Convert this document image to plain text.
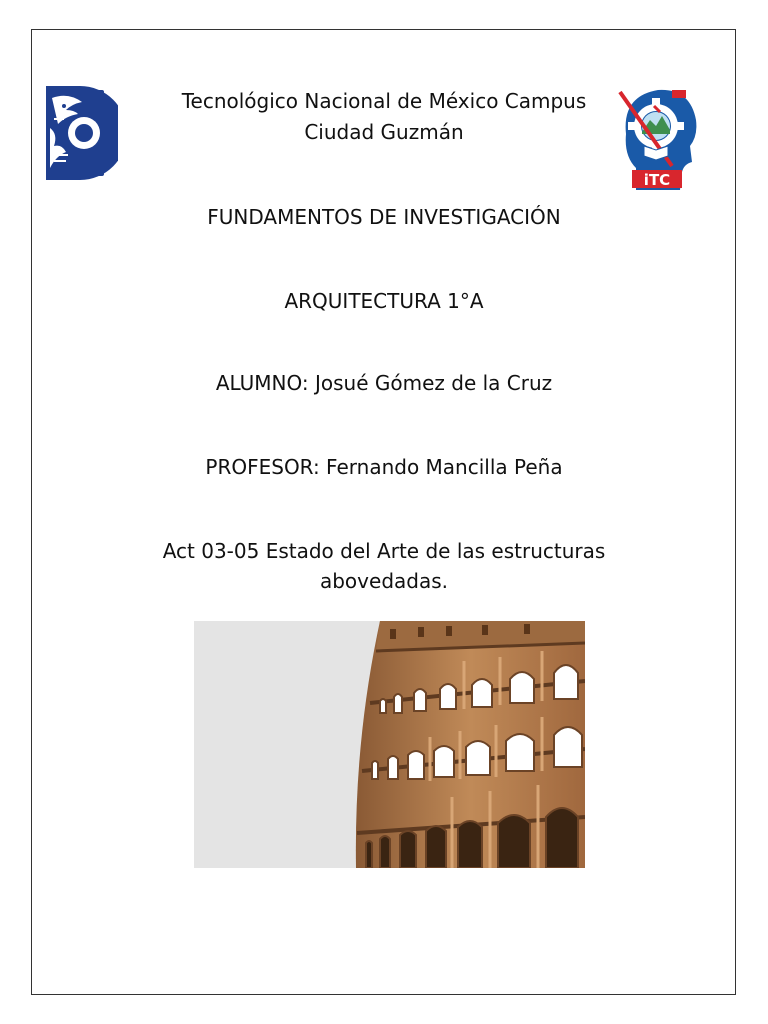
Tecnológico Nacional de México Campus
Ciudad Guzmán
iTC
FUNDAMENTOS DE INVESTIGACIÓN
ARQUITECTURA 1°A
ALUMNO: Josué Gómez de la Cruz
PROFESOR: Fernando Mancilla Peña
Act 03-05 Estado del Arte de las estructuras
abovedadas.
